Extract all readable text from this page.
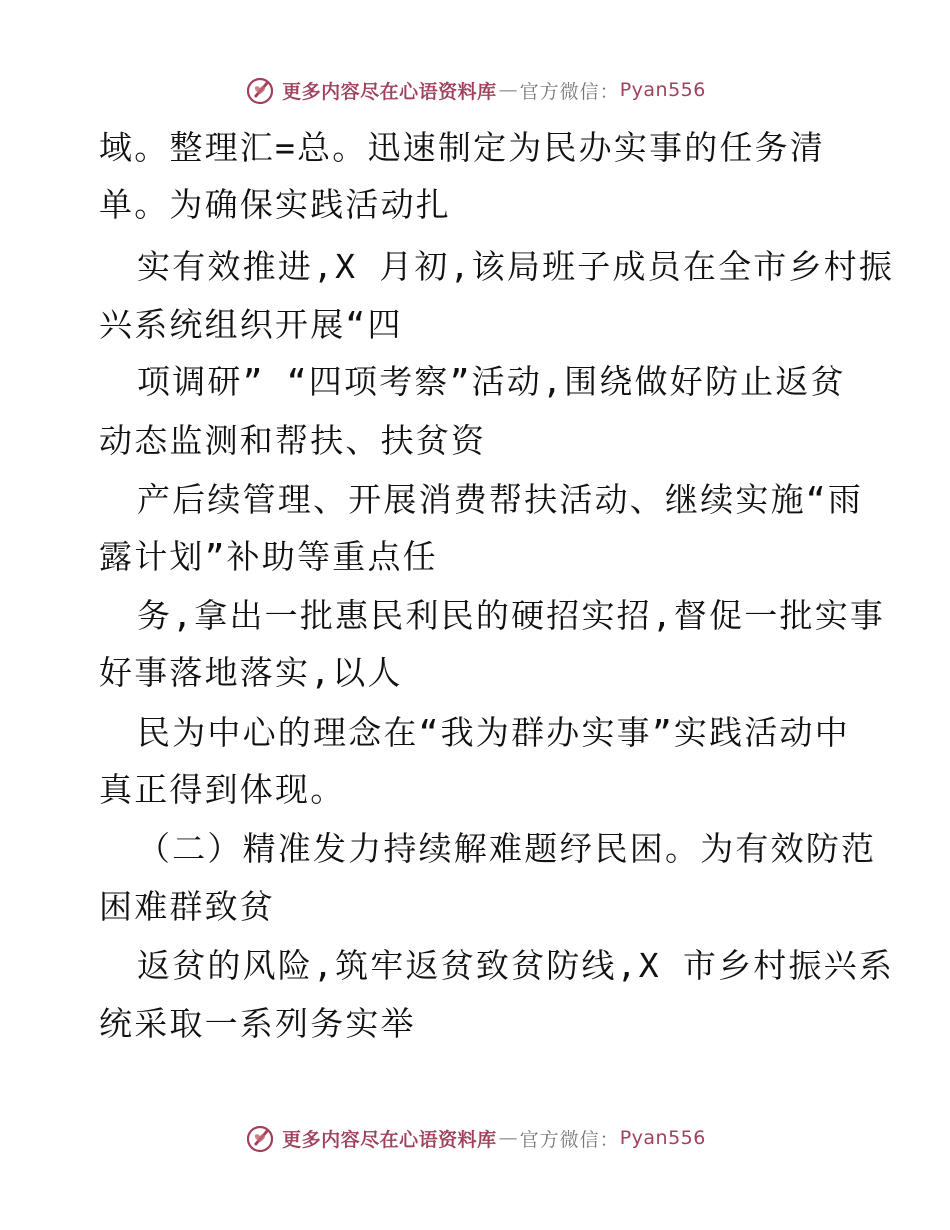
更多内容尽在心语资料库 — 官方微信： Pyan556
域。整理汇=总。迅速制定为民办实事的任务清
单。为确保实践活动扎
实有效推进,X 月初,该局班子成员在全市乡村振
兴系统组织开展“四
项调研” “四项考察”活动,围绕做好防止返贫
动态监测和帮扶、扶贫资
产后续管理、开展消费帮扶活动、继续实施“雨
露计划”补助等重点任
务,拿出一批惠民利民的硬招实招,督促一批实事
好事落地落实,以人
民为中心的理念在“我为群办实事”实践活动中
真正得到体现。
（二）精准发力持续解难题纾民困。为有效防范
困难群致贫
返贫的风险,筑牢返贫致贫防线,X 市乡村振兴系
统采取一系列务实举
更多内容尽在心语资料库 — 官方微信： Pyan556
